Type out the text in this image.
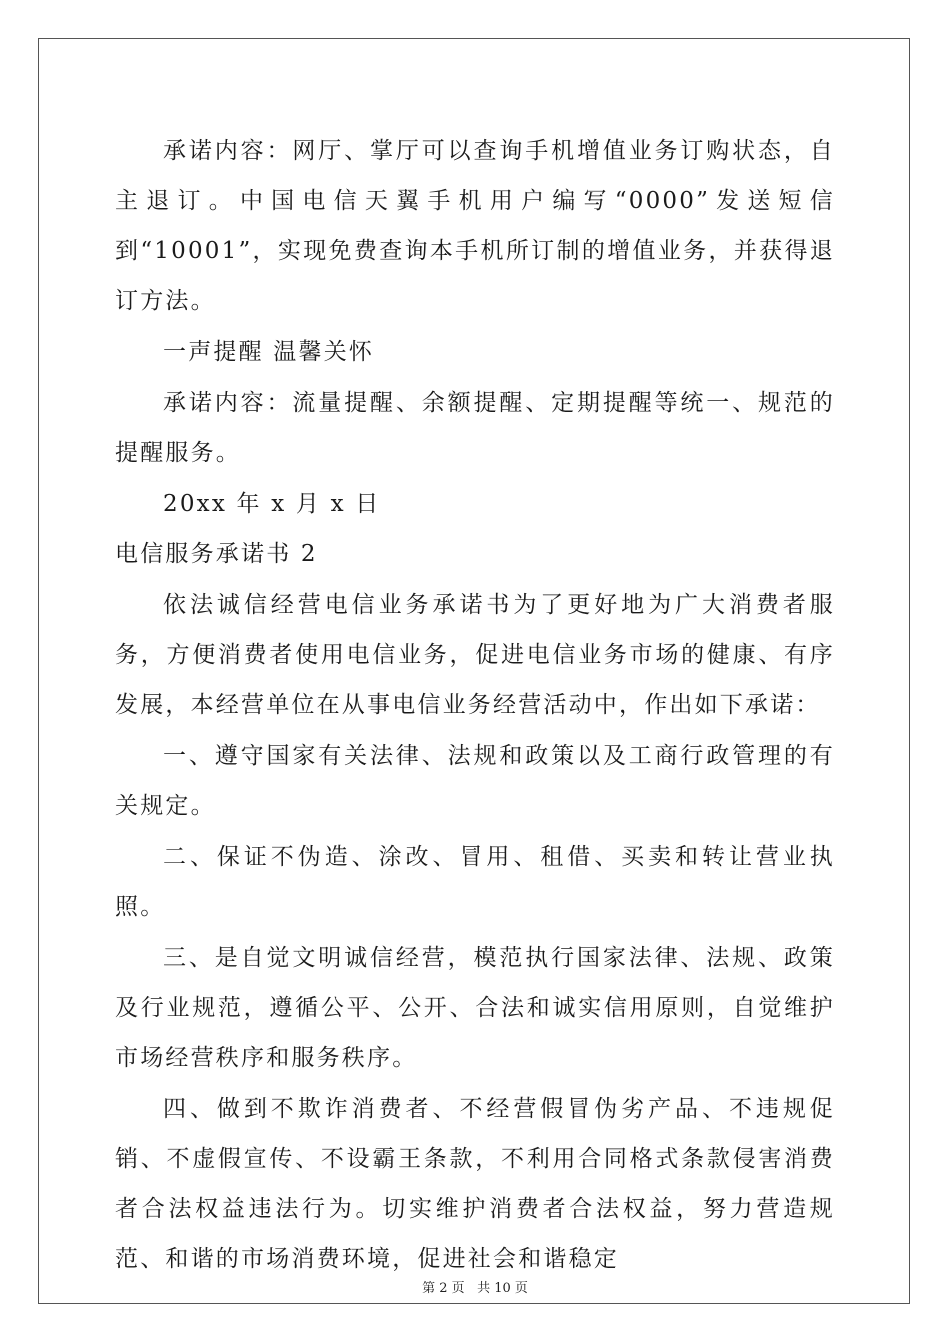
承诺内容：网厅、掌厅可以查询手机增值业务订购状态，自主退订。中国电信天翼手机用户编写“0000”发送短信到“10001”，实现免费查询本手机所订制的增值业务，并获得退订方法。

一声提醒 温馨关怀

承诺内容：流量提醒、余额提醒、定期提醒等统一、规范的提醒服务。

20xx 年 x 月 x 日

电信服务承诺书 2

依法诚信经营电信业务承诺书为了更好地为广大消费者服务，方便消费者使用电信业务，促进电信业务市场的健康、有序发展，本经营单位在从事电信业务经营活动中，作出如下承诺：

一、遵守国家有关法律、法规和政策以及工商行政管理的有关规定。

二、保证不伪造、涂改、冒用、租借、买卖和转让营业执照。

三、是自觉文明诚信经营，模范执行国家法律、法规、政策及行业规范，遵循公平、公开、合法和诚实信用原则，自觉维护市场经营秩序和服务秩序。

四、做到不欺诈消费者、不经营假冒伪劣产品、不违规促销、不虚假宣传、不设霸王条款，不利用合同格式条款侵害消费者合法权益违法行为。切实维护消费者合法权益，努力营造规范、和谐的市场消费环境，促进社会和谐稳定

第 2 页 共 10 页
